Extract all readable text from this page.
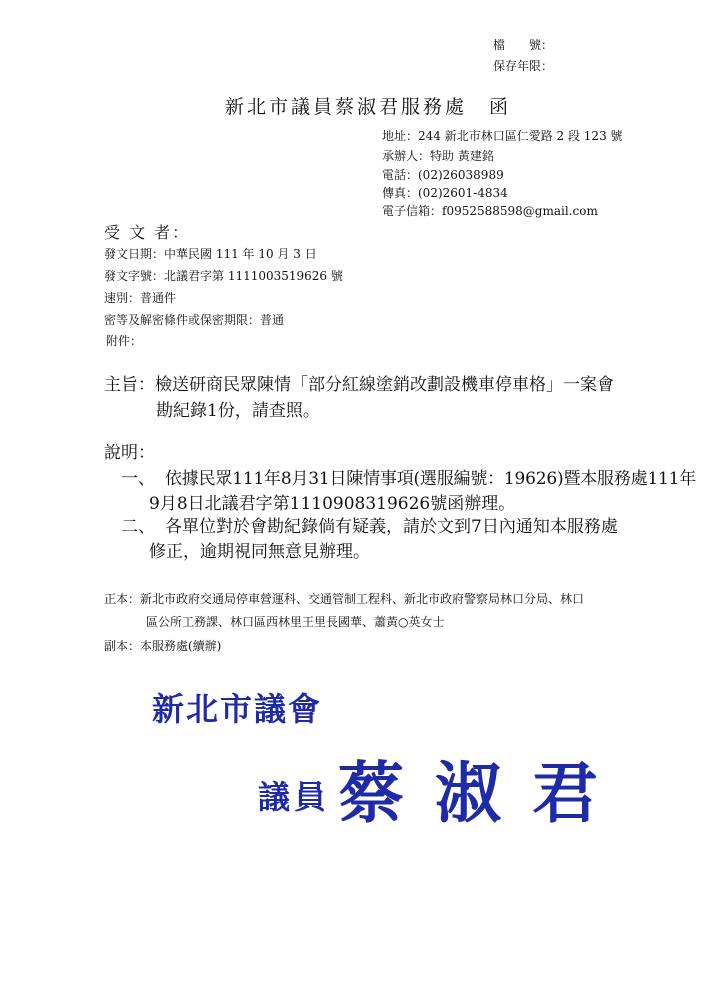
檔　　號：
保存年限：
新北市議員蔡淑君服務處　函
地址：244 新北市林口區仁愛路 2 段 123 號
承辦人：特助 黃建銘
電話：(02)26038989
傳真：(02)2601-4834
電子信箱：f0952588598@gmail.com
受 文 者：
發文日期：中華民國 111 年 10 月 3 日
發文字號：北議君字第 1111003519626 號
速別：普通件
密等及解密條件或保密期限：普通
附件：
主旨：檢送研商民眾陳情「部分紅線塗銷改劃設機車停車格」一案會
勘紀錄1份，請查照。
說明：
一、 依據民眾111年8月31日陳情事項(選服編號：19626)暨本服務處111年
9月8日北議君字第1110908319626號函辦理。
二、 各單位對於會勘紀錄倘有疑義，請於文到7日內通知本服務處
修正，逾期視同無意見辦理。
正本：新北市政府交通局停車營運科、交通管制工程科、新北市政府警察局林口分局、林口
區公所工務課、林口區西林里王里長國華、蕭黃○英女士
副本：本服務處(續辦)
新北市議會
議員 蔡 淑 君
